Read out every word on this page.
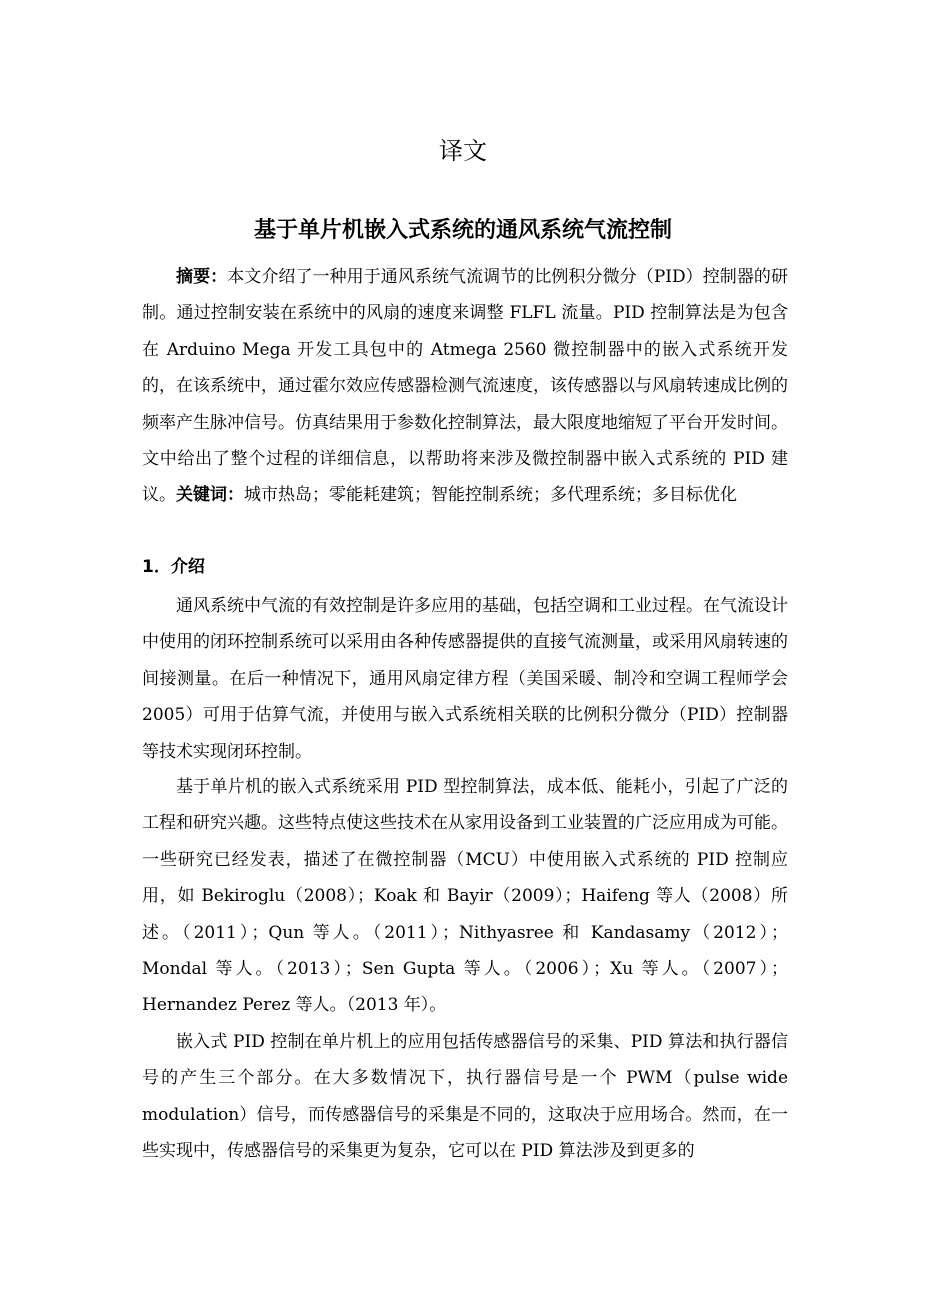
译文
基于单片机嵌入式系统的通风系统气流控制
摘要：本文介绍了一种用于通风系统气流调节的比例积分微分（PID）控制器的研制。通过控制安装在系统中的风扇的速度来调整 FLFL 流量。PID 控制算法是为包含在 Arduino Mega 开发工具包中的 Atmega 2560 微控制器中的嵌入式系统开发的，在该系统中，通过霍尔效应传感器检测气流速度，该传感器以与风扇转速成比例的频率产生脉冲信号。仿真结果用于参数化控制算法，最大限度地缩短了平台开发时间。文中给出了整个过程的详细信息，以帮助将来涉及微控制器中嵌入式系统的 PID 建议。关键词：城市热岛；零能耗建筑；智能控制系统；多代理系统；多目标优化
1．介绍
通风系统中气流的有效控制是许多应用的基础，包括空调和工业过程。在气流设计中使用的闭环控制系统可以采用由各种传感器提供的直接气流测量，或采用风扇转速的间接测量。在后一种情况下，通用风扇定律方程（美国采暖、制冷和空调工程师学会 2005）可用于估算气流，并使用与嵌入式系统相关联的比例积分微分（PID）控制器等技术实现闭环控制。
基于单片机的嵌入式系统采用 PID 型控制算法，成本低、能耗小，引起了广泛的工程和研究兴趣。这些特点使这些技术在从家用设备到工业装置的广泛应用成为可能。一些研究已经发表，描述了在微控制器（MCU）中使用嵌入式系统的 PID 控制应用，如 Bekiroglu（2008）；Koak 和 Bayir（2009）；Haifeng 等人（2008）所述。（2011）；Qun 等人。（2011）；Nithyasree 和 Kandasamy（2012）；Mondal 等人。（2013）；Sen Gupta 等人。（2006）；Xu 等人。（2007）；Hernandez Perez 等人。（2013 年）。
嵌入式 PID 控制在单片机上的应用包括传感器信号的采集、PID 算法和执行器信号的产生三个部分。在大多数情况下，执行器信号是一个 PWM（pulse wide modulation）信号，而传感器信号的采集是不同的，这取决于应用场合。然而，在一些实现中，传感器信号的采集更为复杂，它可以在 PID 算法涉及到更多的
